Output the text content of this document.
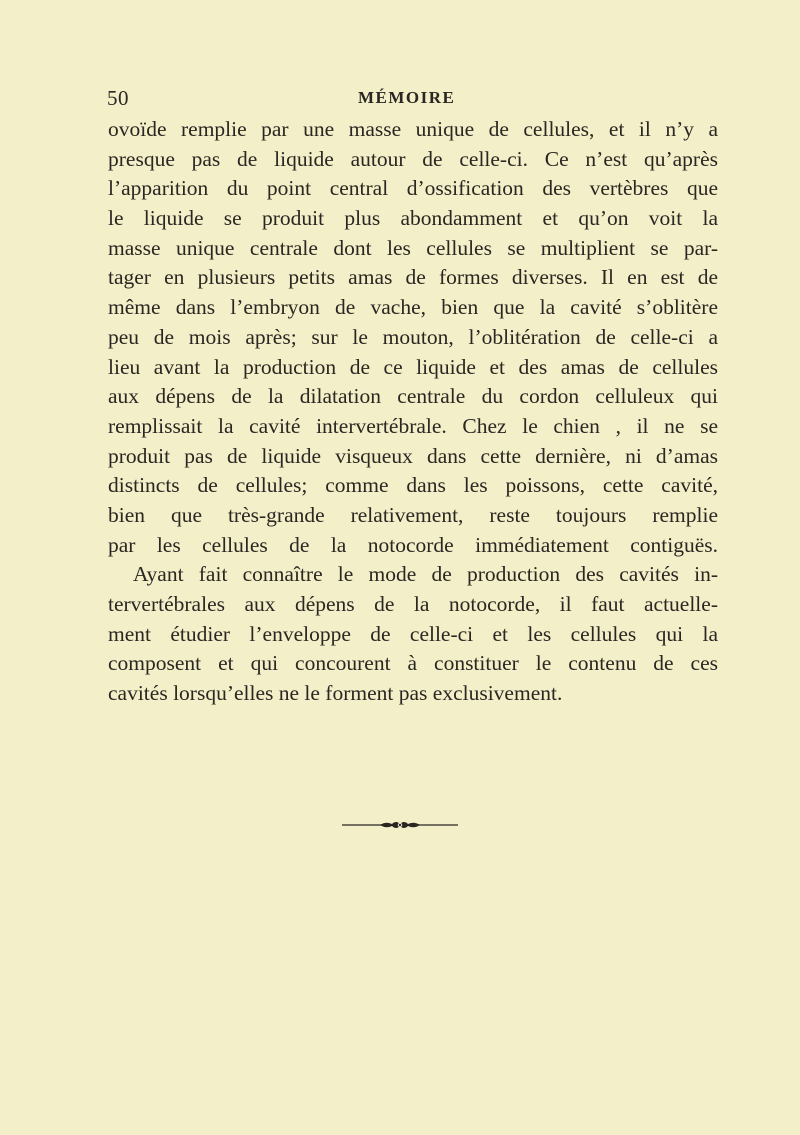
50	MÉMOIRE
ovoïde remplie par une masse unique de cellules, et il n’y a
presque pas de liquide autour de celle-ci. Ce n’est qu’après
l’apparition du point central d’ossification des vertèbres que
le liquide se produit plus abondamment et qu’on voit la
masse unique centrale dont les cellules se multiplient se par-
tager en plusieurs petits amas de formes diverses. Il en est de
même dans l’embryon de vache, bien que la cavité s’oblitère
peu de mois après; sur le mouton, l’oblitération de celle-ci a
lieu avant la production de ce liquide et des amas de cellules
aux dépens de la dilatation centrale du cordon celluleux qui
remplissait la cavité intervertébrale. Chez le chien , il ne se
produit pas de liquide visqueux dans cette dernière, ni d’amas
distincts de cellules; comme dans les poissons, cette cavité,
bien que très-grande relativement, reste toujours remplie
par les cellules de la notocorde immédiatement contiguës.
Ayant fait connaître le mode de production des cavités in-
tervertébrales aux dépens de la notocorde, il faut actuelle-
ment étudier l’enveloppe de celle-ci et les cellules qui la
composent et qui concourent à constituer le contenu de ces
cavités lorsqu’elles ne le forment pas exclusivement.
